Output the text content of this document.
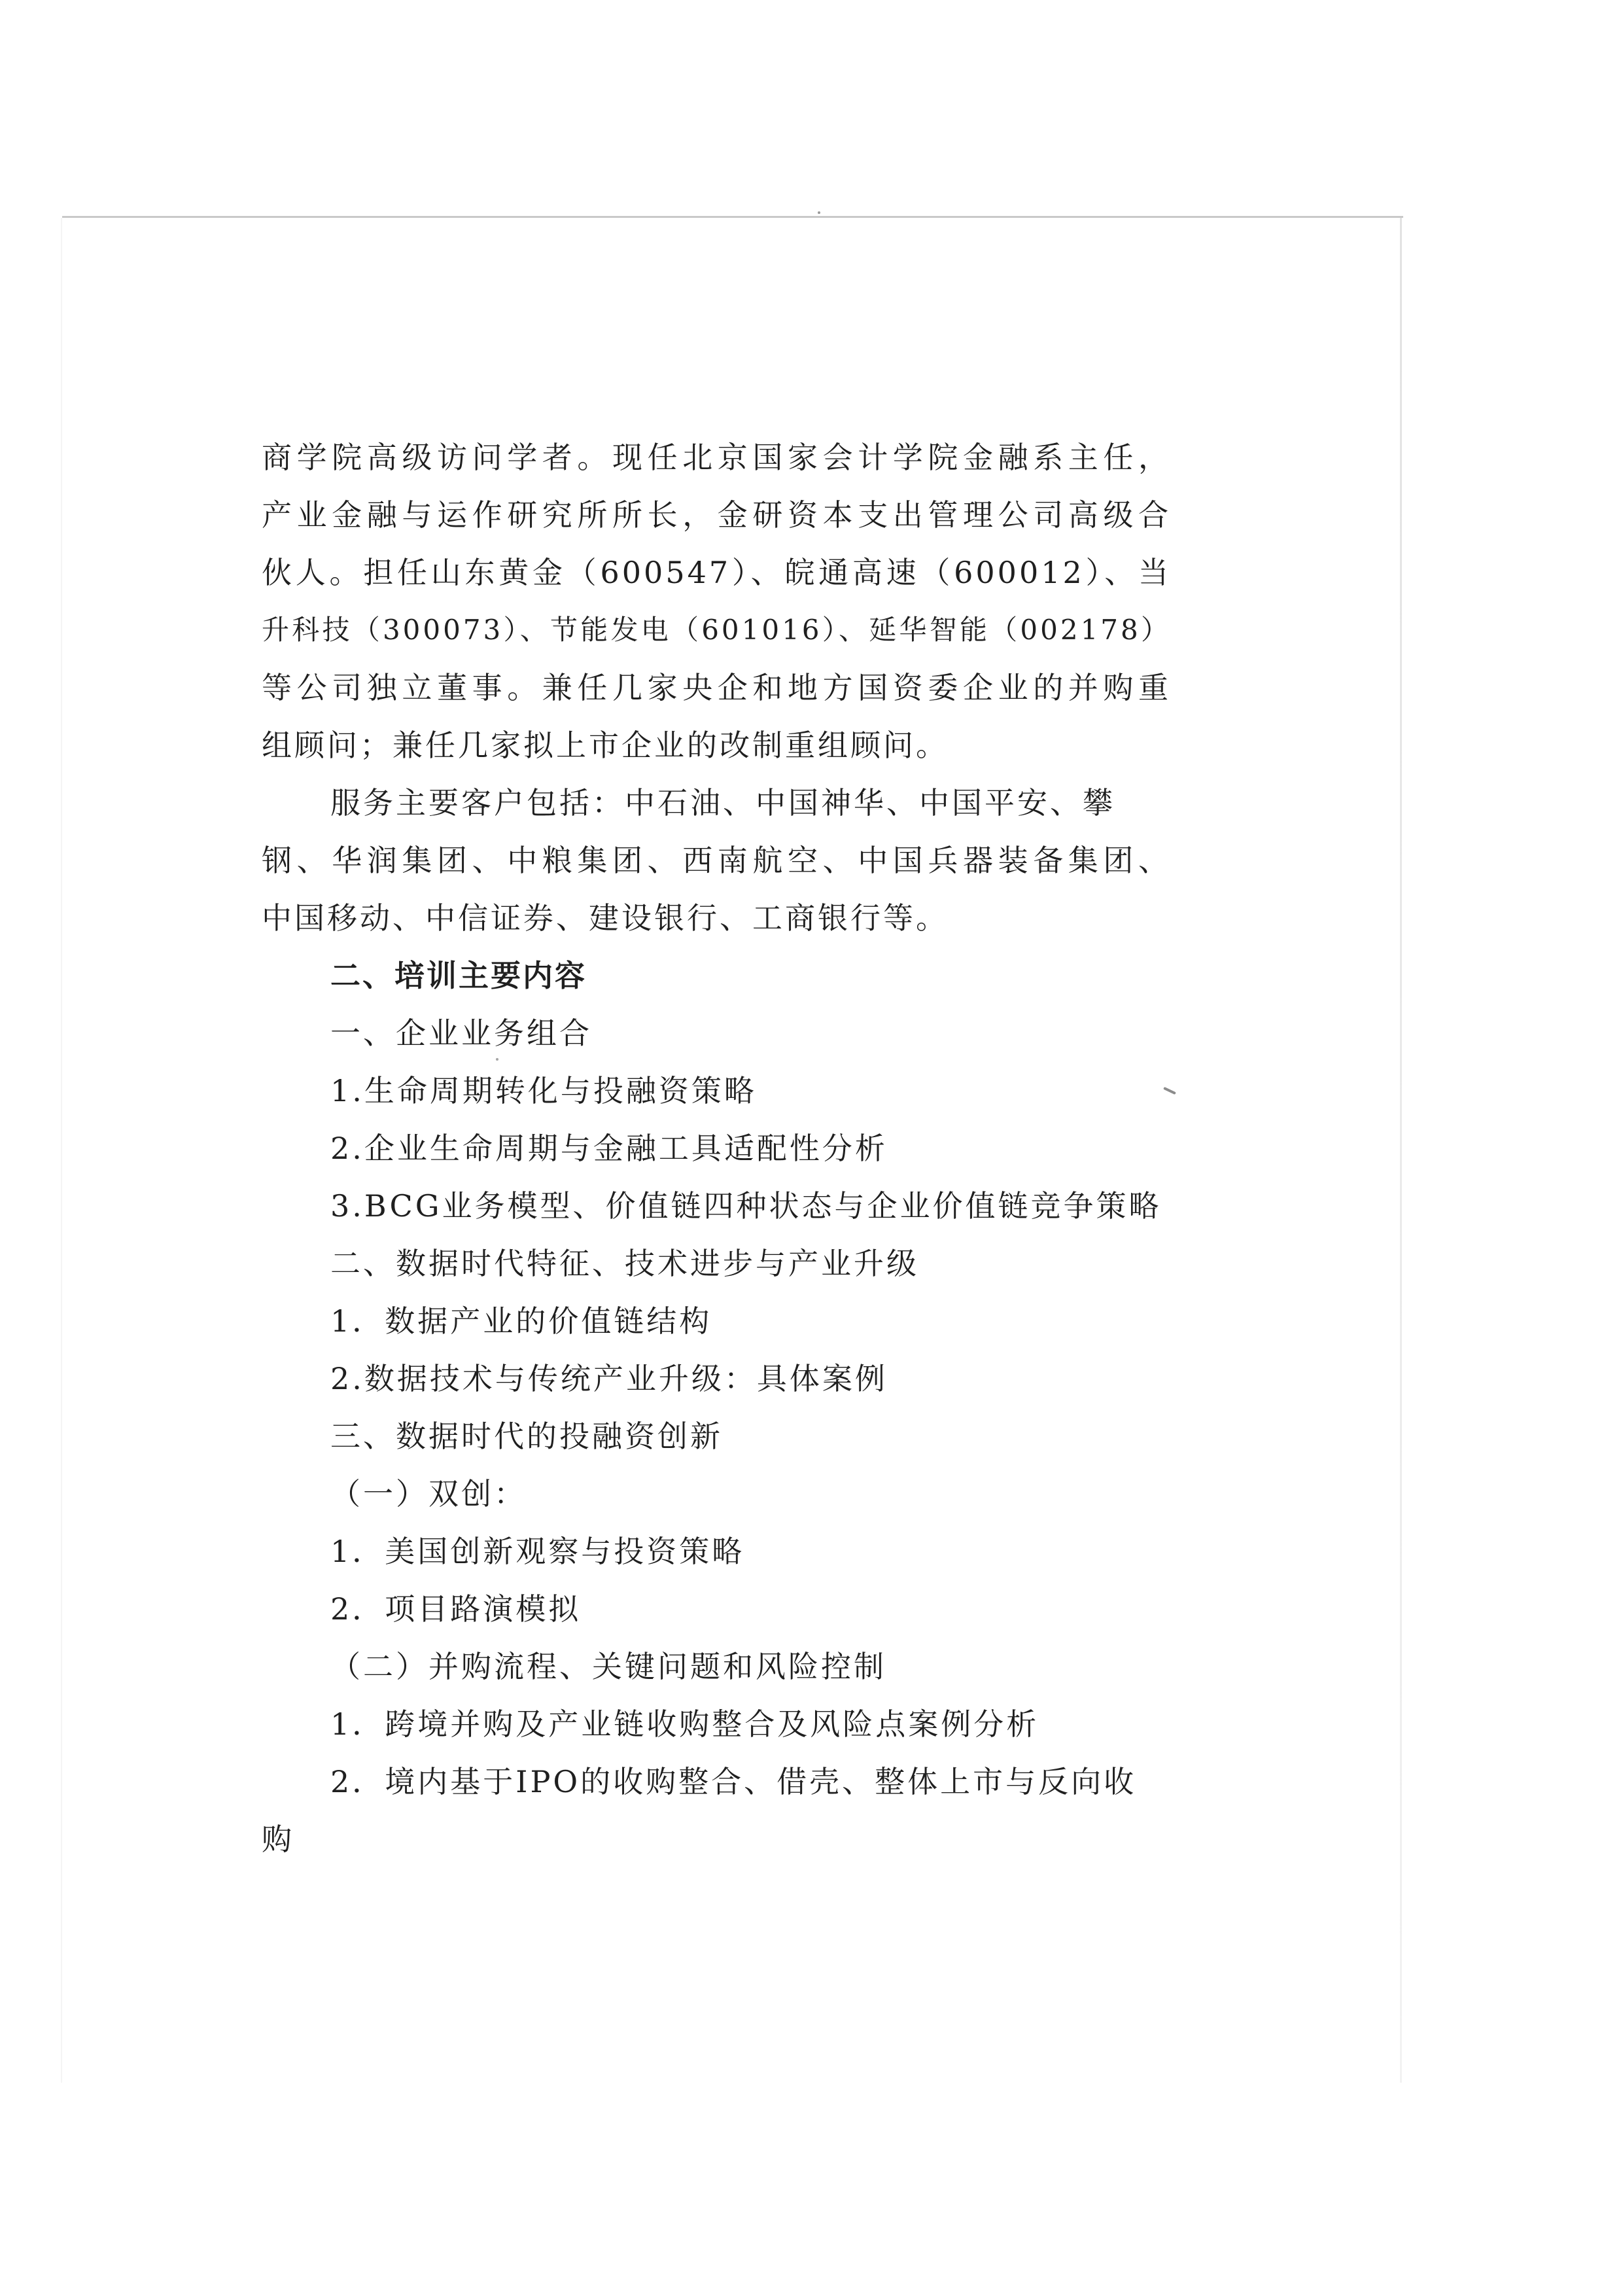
商学院高级访问学者。现任北京国家会计学院金融系主任，
产业金融与运作研究所所长，金研资本支出管理公司高级合
伙人。担任山东黄金（600547）、皖通高速（600012）、当
升科技（300073）、节能发电（601016）、延华智能（002178）
等公司独立董事。兼任几家央企和地方国资委企业的并购重
组顾问；兼任几家拟上市企业的改制重组顾问。
服务主要客户包括：中石油、中国神华、中国平安、攀
钢、华润集团、中粮集团、西南航空、中国兵器装备集团、
中国移动、中信证券、建设银行、工商银行等。
二、培训主要内容
一、企业业务组合
1.生命周期转化与投融资策略
2.企业生命周期与金融工具适配性分析
3.BCG业务模型、价值链四种状态与企业价值链竞争策略
二、数据时代特征、技术进步与产业升级
1．数据产业的价值链结构
2.数据技术与传统产业升级：具体案例
三、数据时代的投融资创新
（一）双创：
1．美国创新观察与投资策略
2．项目路演模拟
（二）并购流程、关键问题和风险控制
1．跨境并购及产业链收购整合及风险点案例分析
2．境内基于IPO的收购整合、借壳、整体上市与反向收
购
